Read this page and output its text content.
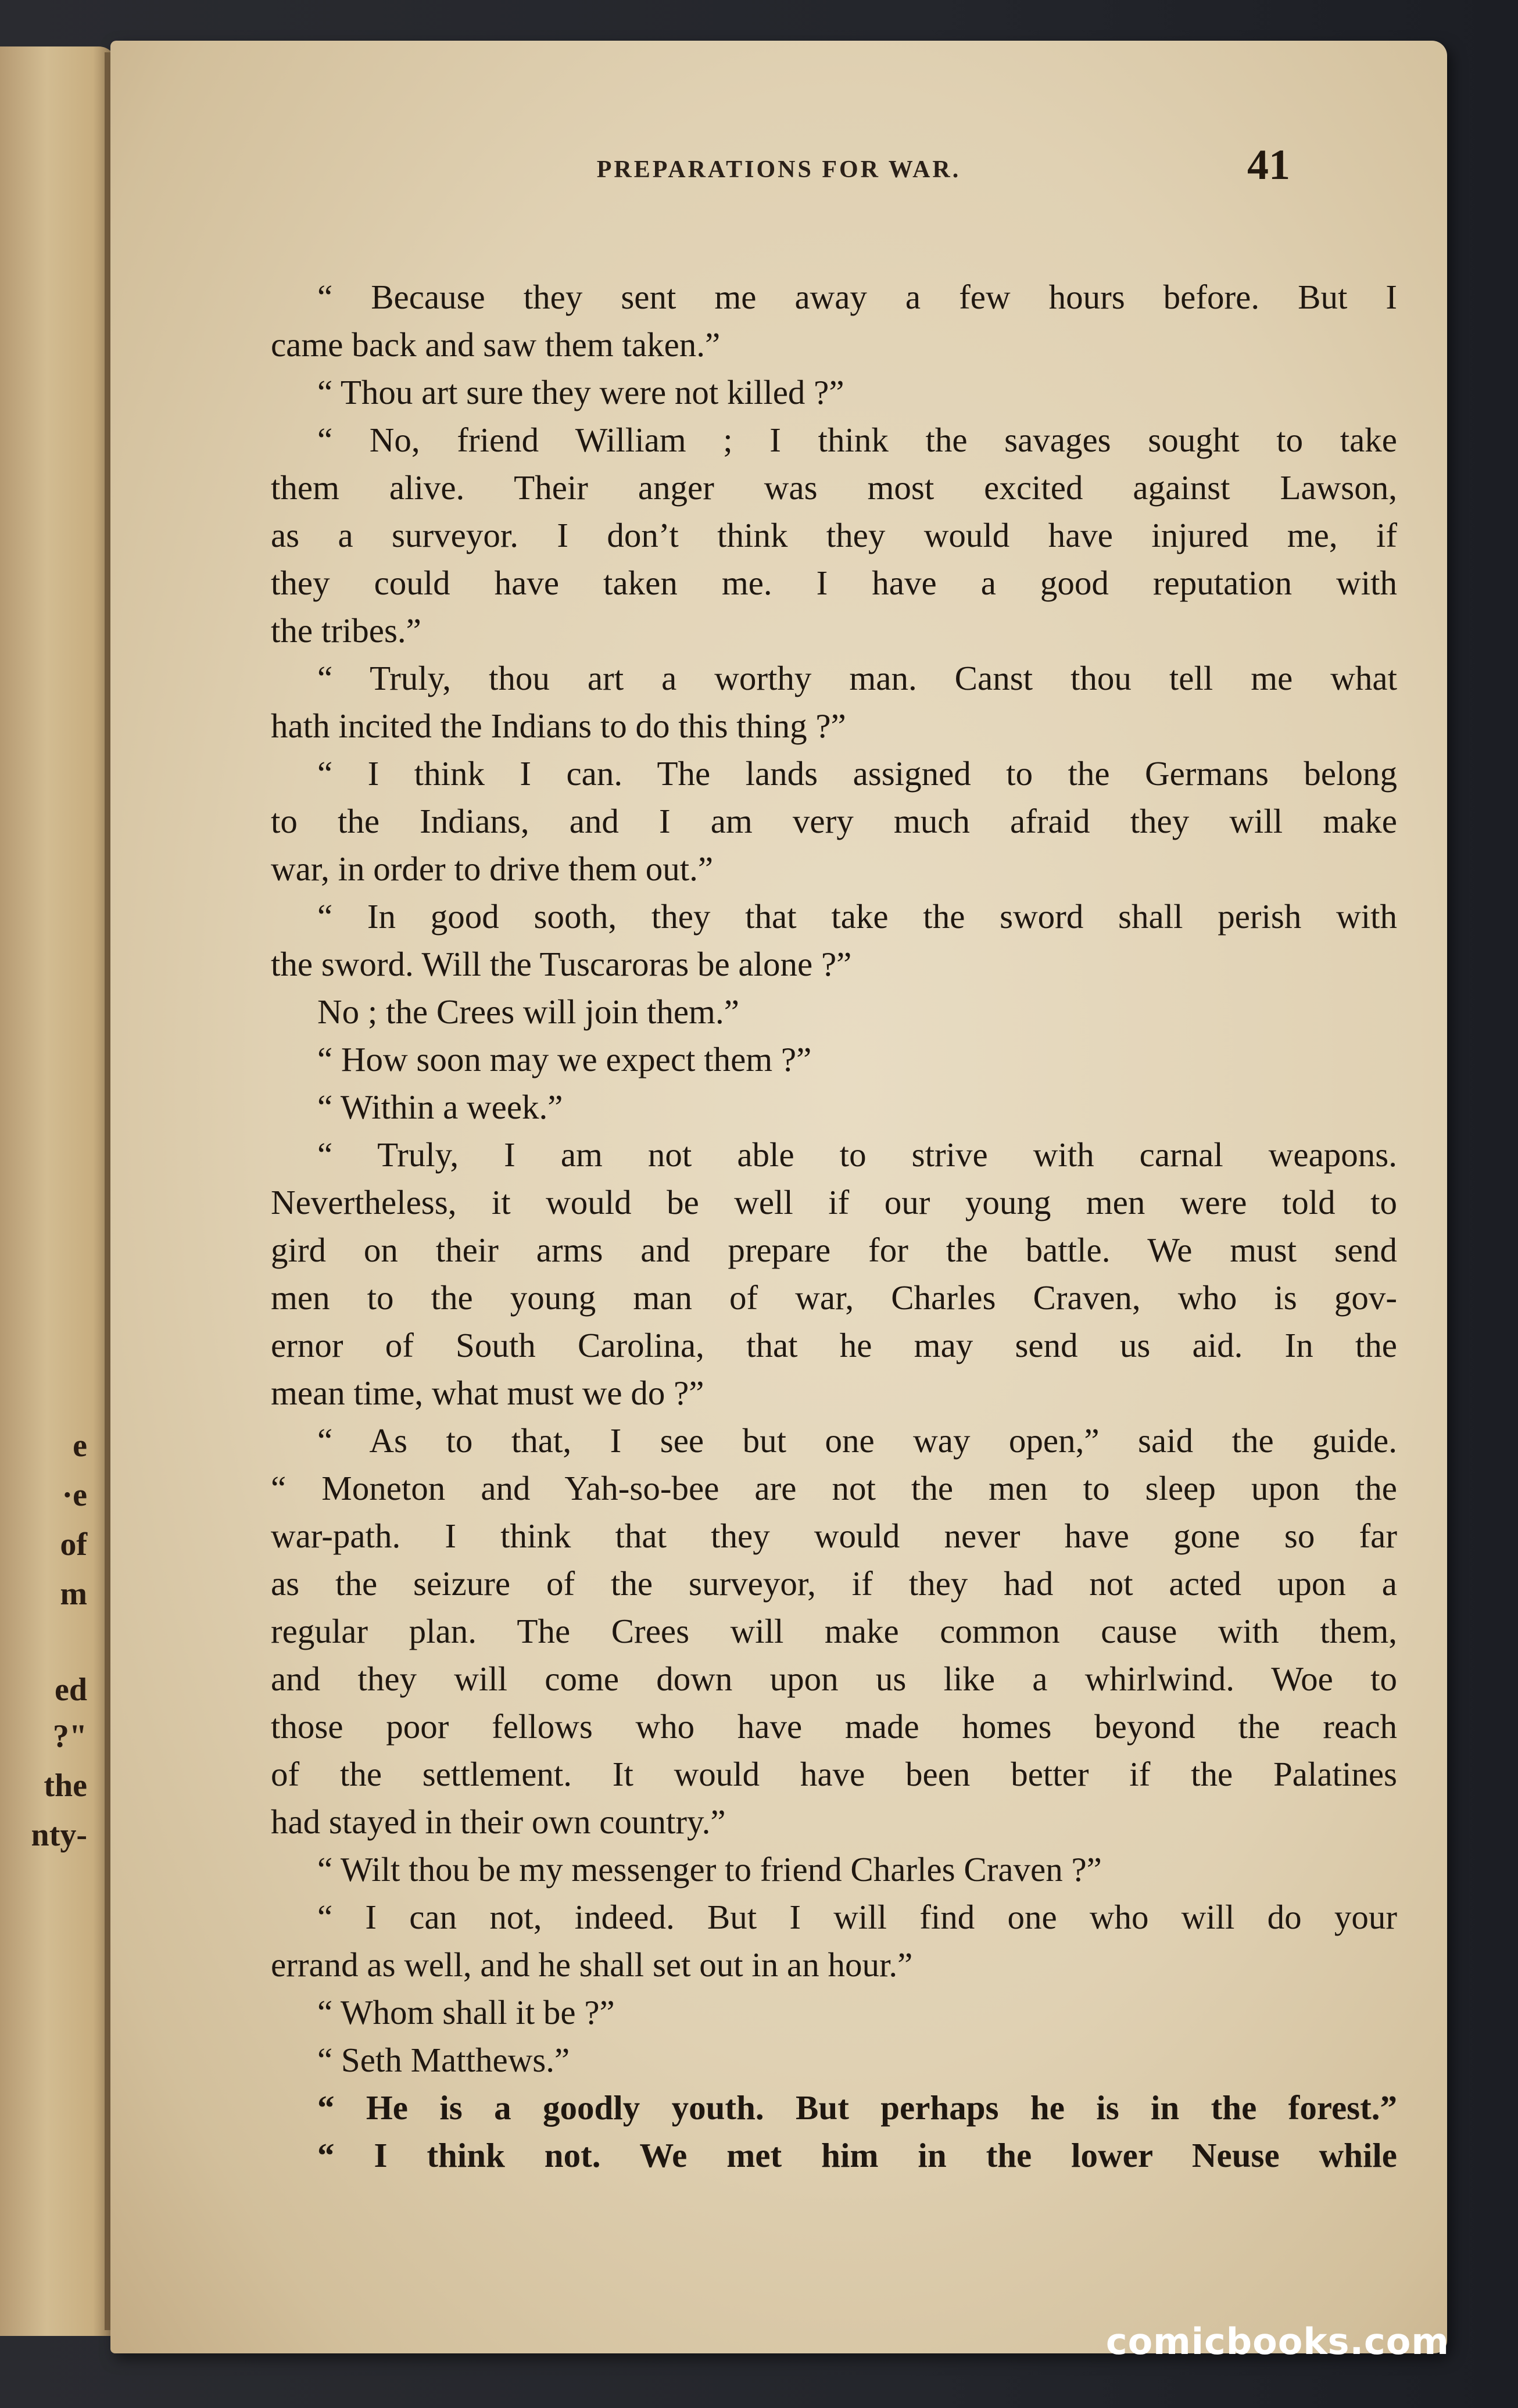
e
·e
of
m
ed
?"
the
nty-
PREPARATIONS FOR WAR.	41
“ Because they sent me away a few hours before. But I
came back and saw them taken.”
“ Thou art sure they were not killed ?”
“ No, friend William ; I think the savages sought to take
them alive. Their anger was most excited against Lawson,
as a surveyor. I don’t think they would have injured me, if
they could have taken me. I have a good reputation with
the tribes.”
“ Truly, thou art a worthy man. Canst thou tell me what
hath incited the Indians to do this thing ?”
“ I think I can. The lands assigned to the Germans belong
to the Indians, and I am very much afraid they will make
war, in order to drive them out.”
“ In good sooth, they that take the sword shall perish with
the sword. Will the Tuscaroras be alone ?”
No ; the Crees will join them.”
“ How soon may we expect them ?”
“ Within a week.”
“ Truly, I am not able to strive with carnal weapons.
Nevertheless, it would be well if our young men were told to
gird on their arms and prepare for the battle. We must send
men to the young man of war, Charles Craven, who is gov-
ernor of South Carolina, that he may send us aid. In the
mean time, what must we do ?”
“ As to that, I see but one way open,” said the guide.
“ Moneton and Yah-so-bee are not the men to sleep upon the
war-path. I think that they would never have gone so far
as the seizure of the surveyor, if they had not acted upon a
regular plan. The Crees will make common cause with them,
and they will come down upon us like a whirlwind. Woe to
those poor fellows who have made homes beyond the reach
of the settlement. It would have been better if the Palatines
had stayed in their own country.”
“ Wilt thou be my messenger to friend Charles Craven ?”
“ I can not, indeed. But I will find one who will do your
errand as well, and he shall set out in an hour.”
“ Whom shall it be ?”
“ Seth Matthews.”
“ He is a goodly youth. But perhaps he is in the forest.”
“ I think not. We met him in the lower Neuse while
comicbooks.com
